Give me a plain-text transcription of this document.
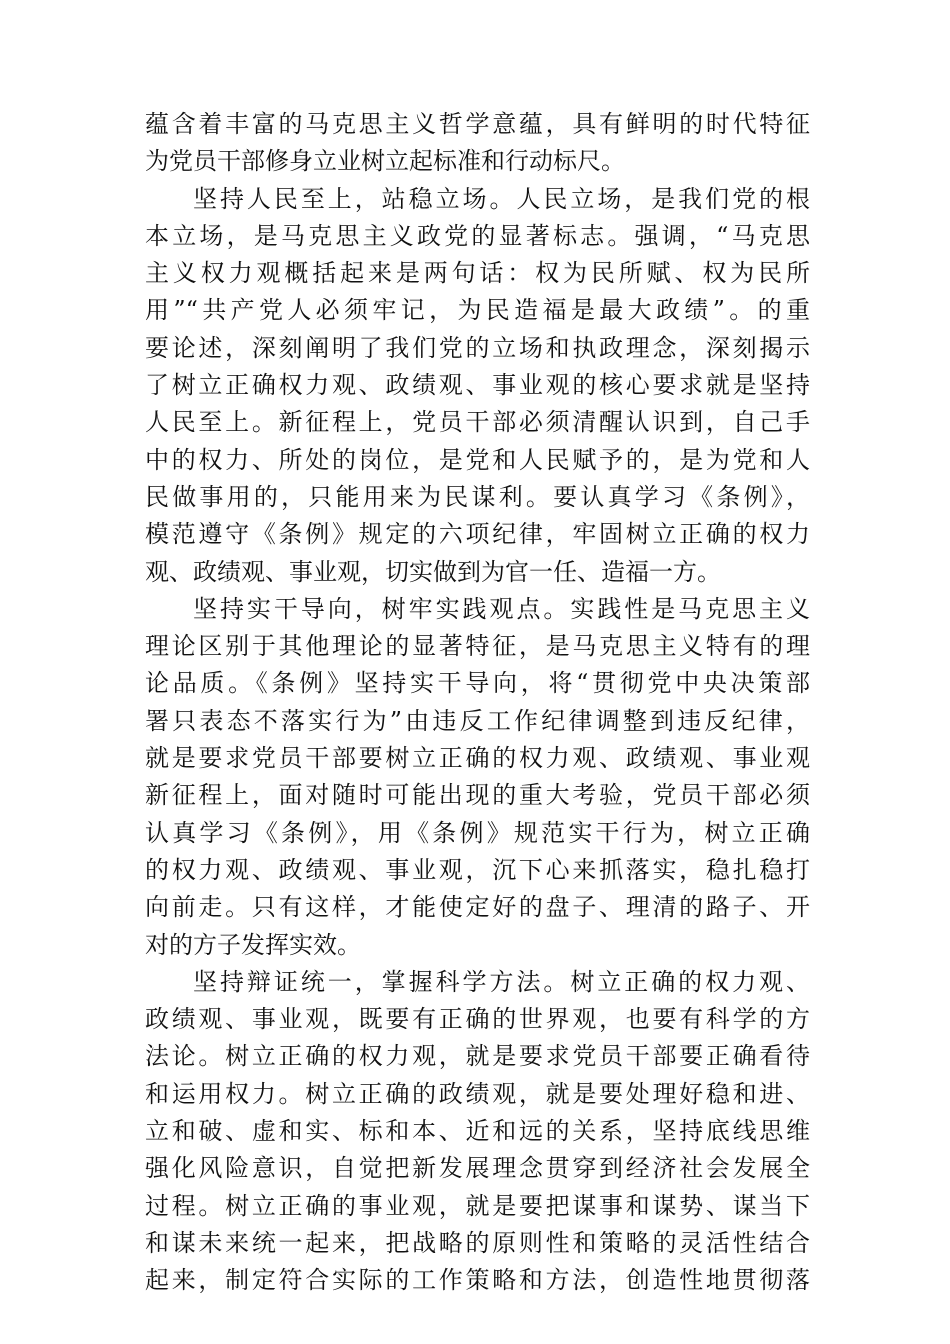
蕴含着丰富的马克思主义哲学意蕴，具有鲜明的时代特征
为党员干部修身立业树立起标准和行动标尺。
坚持人民至上，站稳立场。人民立场，是我们党的根
本立场，是马克思主义政党的显著标志。强调，“马克思
主义权力观概括起来是两句话：权为民所赋、权为民所
用”“共产党人必须牢记，为民造福是最大政绩”。的重
要论述，深刻阐明了我们党的立场和执政理念，深刻揭示
了树立正确权力观、政绩观、事业观的核心要求就是坚持
人民至上。新征程上，党员干部必须清醒认识到，自己手
中的权力、所处的岗位，是党和人民赋予的，是为党和人
民做事用的，只能用来为民谋利。要认真学习《条例》，
模范遵守《条例》规定的六项纪律，牢固树立正确的权力
观、政绩观、事业观，切实做到为官一任、造福一方。
坚持实干导向，树牢实践观点。实践性是马克思主义
理论区别于其他理论的显著特征，是马克思主义特有的理
论品质。《条例》坚持实干导向，将“贯彻党中央决策部
署只表态不落实行为”由违反工作纪律调整到违反纪律，
就是要求党员干部要树立正确的权力观、政绩观、事业观
新征程上，面对随时可能出现的重大考验，党员干部必须
认真学习《条例》，用《条例》规范实干行为，树立正确
的权力观、政绩观、事业观，沉下心来抓落实，稳扎稳打
向前走。只有这样，才能使定好的盘子、理清的路子、开
对的方子发挥实效。
坚持辩证统一，掌握科学方法。树立正确的权力观、
政绩观、事业观，既要有正确的世界观，也要有科学的方
法论。树立正确的权力观，就是要求党员干部要正确看待
和运用权力。树立正确的政绩观，就是要处理好稳和进、
立和破、虚和实、标和本、近和远的关系，坚持底线思维
强化风险意识，自觉把新发展理念贯穿到经济社会发展全
过程。树立正确的事业观，就是要把谋事和谋势、谋当下
和谋未来统一起来，把战略的原则性和策略的灵活性结合
起来，制定符合实际的工作策略和方法，创造性地贯彻落
